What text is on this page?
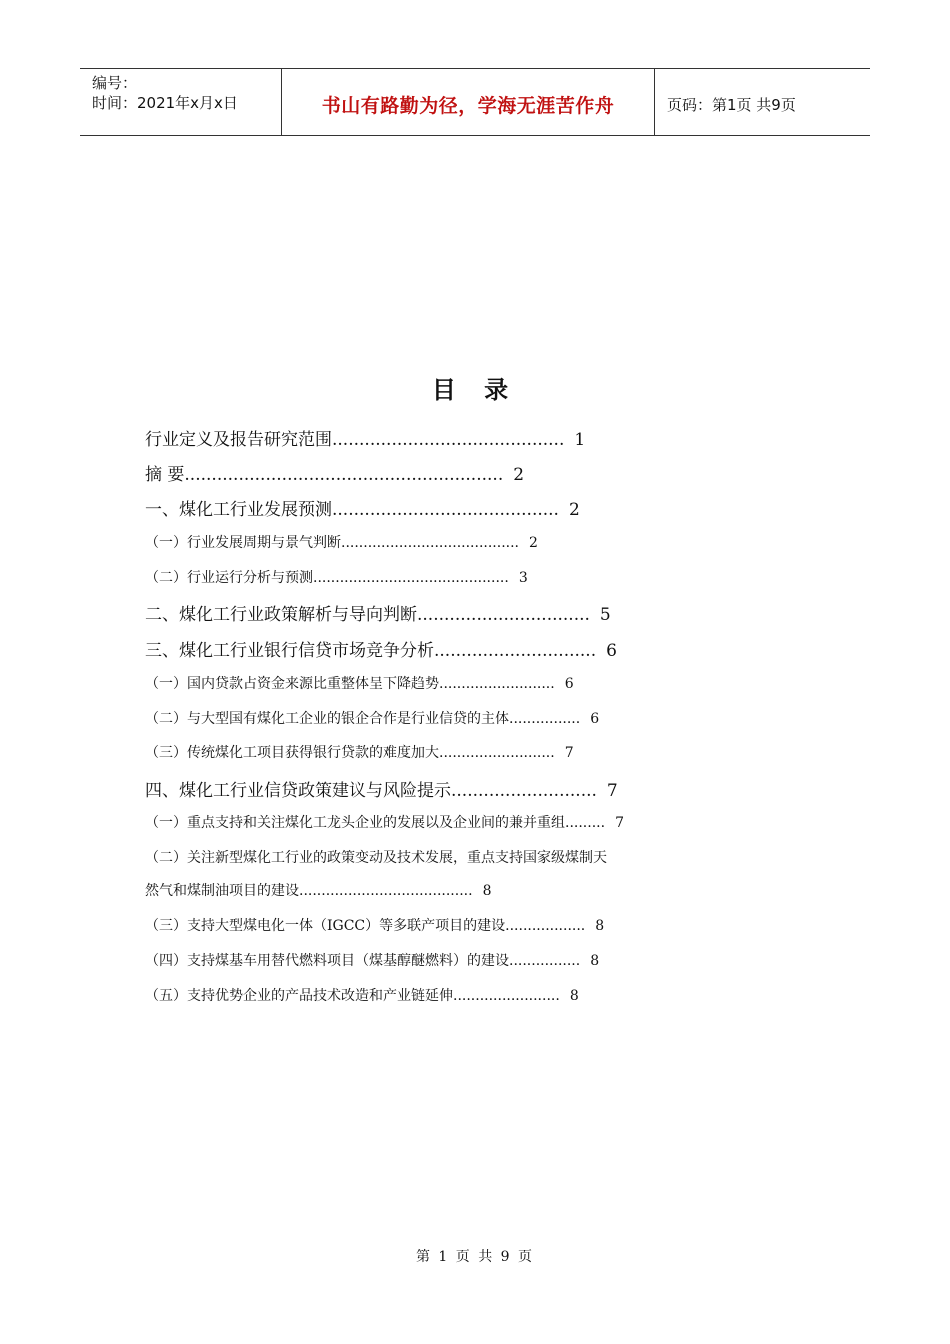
编号：
时间：2021年x月x日	书山有路勤为径，学海无涯苦作舟	页码：第1页 共9页
目 录
行业定义及报告研究范围........................................... 1
摘 要........................................................... 2
一、煤化工行业发展预测.......................................... 2
（一）行业发展周期与景气判断........................................ 2
（二）行业运行分析与预测............................................ 3
二、煤化工行业政策解析与导向判断................................ 5
三、煤化工行业银行信贷市场竞争分析.............................. 6
（一）国内贷款占资金来源比重整体呈下降趋势.......................... 6
（二）与大型国有煤化工企业的银企合作是行业信贷的主体................ 6
（三）传统煤化工项目获得银行贷款的难度加大.......................... 7
四、煤化工行业信贷政策建议与风险提示........................... 7
（一）重点支持和关注煤化工龙头企业的发展以及企业间的兼并重组......... 7
（二）关注新型煤化工行业的政策变动及技术发展，重点支持国家级煤制天
然气和煤制油项目的建设....................................... 8
（三）支持大型煤电化一体（IGCC）等多联产项目的建设.................. 8
（四）支持煤基车用替代燃料项目（煤基醇醚燃料）的建设................ 8
（五）支持优势企业的产品技术改造和产业链延伸........................ 8
第 1 页 共 9 页
